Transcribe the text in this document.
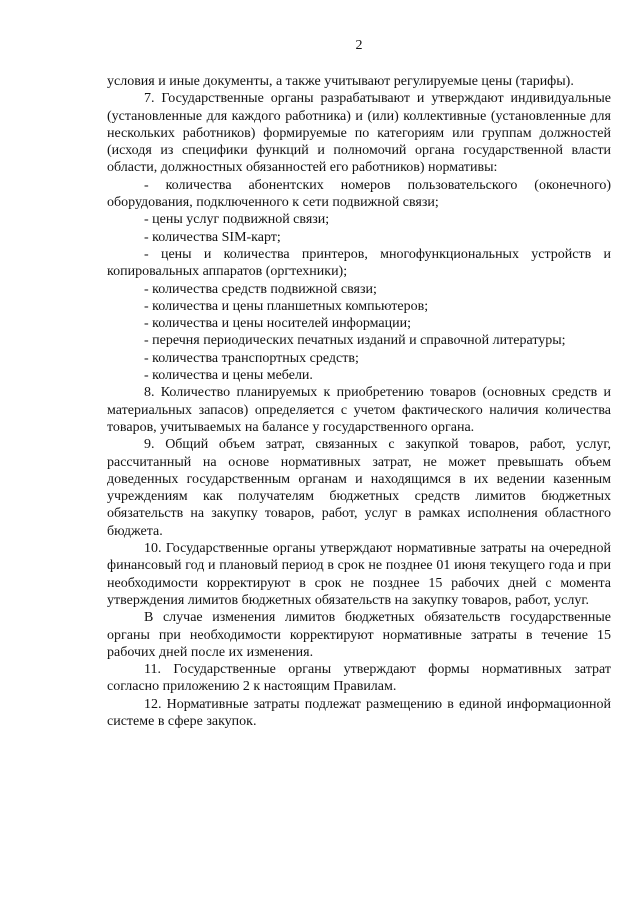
2

условия и иные документы, а также учитывают регулируемые цены (тарифы).

7. Государственные органы разрабатывают и утверждают индивидуальные (установленные для каждого работника) и (или) коллективные (установленные для нескольких работников) формируемые по категориям или группам должностей (исходя из специфики функций и полномочий органа государственной власти области, должностных обязанностей его работников) нормативы:

- количества абонентских номеров пользовательского (оконечного) оборудования, подключенного к сети подвижной связи;

- цены услуг подвижной связи;

- количества SIM-карт;

- цены и количества принтеров, многофункциональных устройств и копировальных аппаратов (оргтехники);

- количества средств подвижной связи;

- количества и цены планшетных компьютеров;

- количества и цены носителей информации;

- перечня периодических печатных изданий и справочной литературы;

- количества транспортных средств;

- количества и цены мебели.

8. Количество планируемых к приобретению товаров (основных средств и материальных запасов) определяется с учетом фактического наличия количества товаров, учитываемых на балансе у государственного органа.

9. Общий объем затрат, связанных с закупкой товаров, работ, услуг, рассчитанный на основе нормативных затрат, не может превышать объем доведенных государственным органам и находящимся в их ведении казенным учреждениям как получателям бюджетных средств лимитов бюджетных обязательств на закупку товаров, работ, услуг в рамках исполнения областного бюджета.

10. Государственные органы утверждают нормативные затраты на очередной финансовый год и плановый период в срок не позднее 01 июня текущего года и при необходимости корректируют в срок не позднее 15 рабочих дней с момента утверждения лимитов бюджетных обязательств на закупку товаров, работ, услуг.

В случае изменения лимитов бюджетных обязательств государственные органы при необходимости корректируют нормативные затраты в течение 15 рабочих дней после их изменения.

11. Государственные органы утверждают формы нормативных затрат согласно приложению 2 к настоящим Правилам.

12. Нормативные затраты подлежат размещению в единой информационной системе в сфере закупок.
